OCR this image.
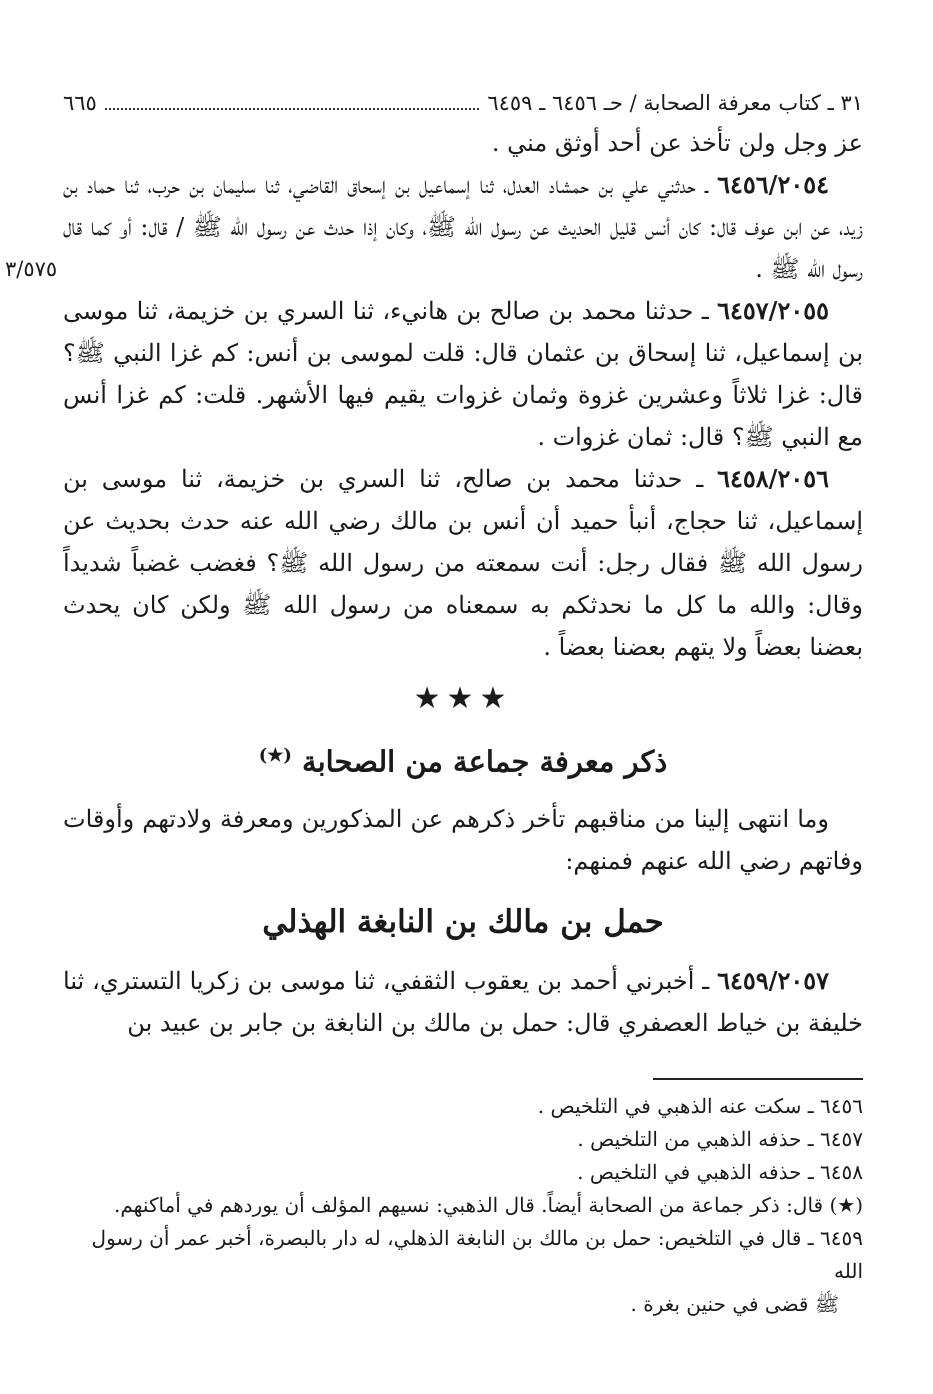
٣١ ـ كتاب معرفة الصحابة / حـ ٦٤٥٦ ـ ٦٤٥٩
٦٦٥

عز وجل ولن تأخذ عن أحد أوثق مني .

٦٤٥٦/٢٠٥٤ ـ حدثني علي بن حمشاد العدل، ثنا إسماعيل بن إسحاق القاضي، ثنا سليمان بن حرب، ثنا حماد بن زيد، عن ابن عوف قال: كان أنس قليل الحديث عن رسول الله ﷺ، وكان إذا حدث عن رسول الله ﷺ / قال: أو كما قال رسول الله ﷺ .
٣/٥٧٥

٦٤٥٧/٢٠٥٥ ـ حدثنا محمد بن صالح بن هانيء، ثنا السري بن خزيمة، ثنا موسى بن إسماعيل، ثنا إسحاق بن عثمان قال: قلت لموسى بن أنس: كم غزا النبي ﷺ؟ قال: غزا ثلاثاً وعشرين غزوة وثمان غزوات يقيم فيها الأشهر. قلت: كم غزا أنس مع النبي ﷺ؟ قال: ثمان غزوات .

٦٤٥٨/٢٠٥٦ ـ حدثنا محمد بن صالح، ثنا السري بن خزيمة، ثنا موسى بن إسماعيل، ثنا حجاج، أنبأ حميد أن أنس بن مالك رضي الله عنه حدث بحديث عن رسول الله ﷺ فقال رجل: أنت سمعته من رسول الله ﷺ؟ فغضب غضباً شديداً وقال: والله ما كل ما نحدثكم به سمعناه من رسول الله ﷺ ولكن كان يحدث بعضنا بعضاً ولا يتهم بعضنا بعضاً .

★★★
ذكر معرفة جماعة من الصحابة (★)

وما انتهى إلينا من مناقبهم تأخر ذكرهم عن المذكورين ومعرفة ولادتهم وأوقات وفاتهم رضي الله عنهم فمنهم:

حمل بن مالك بن النابغة الهذلي

٦٤٥٩/٢٠٥٧ ـ أخبرني أحمد بن يعقوب الثقفي، ثنا موسى بن زكريا التستري، ثنا خليفة بن خياط العصفري قال: حمل بن مالك بن النابغة بن جابر بن عبيد بن

٦٤٥٦ ـ سكت عنه الذهبي في التلخيص .

٦٤٥٧ ـ حذفه الذهبي من التلخيص .

٦٤٥٨ ـ حذفه الذهبي في التلخيص .

(★) قال: ذكر جماعة من الصحابة أيضاً. قال الذهبي: نسيهم المؤلف أن يوردهم في أماكنهم.

٦٤٥٩ ـ قال في التلخيص: حمل بن مالك بن النابغة الذهلي، له دار بالبصرة، أخبر عمر أن رسول الله

ﷺ قضى في حنين بغرة .
